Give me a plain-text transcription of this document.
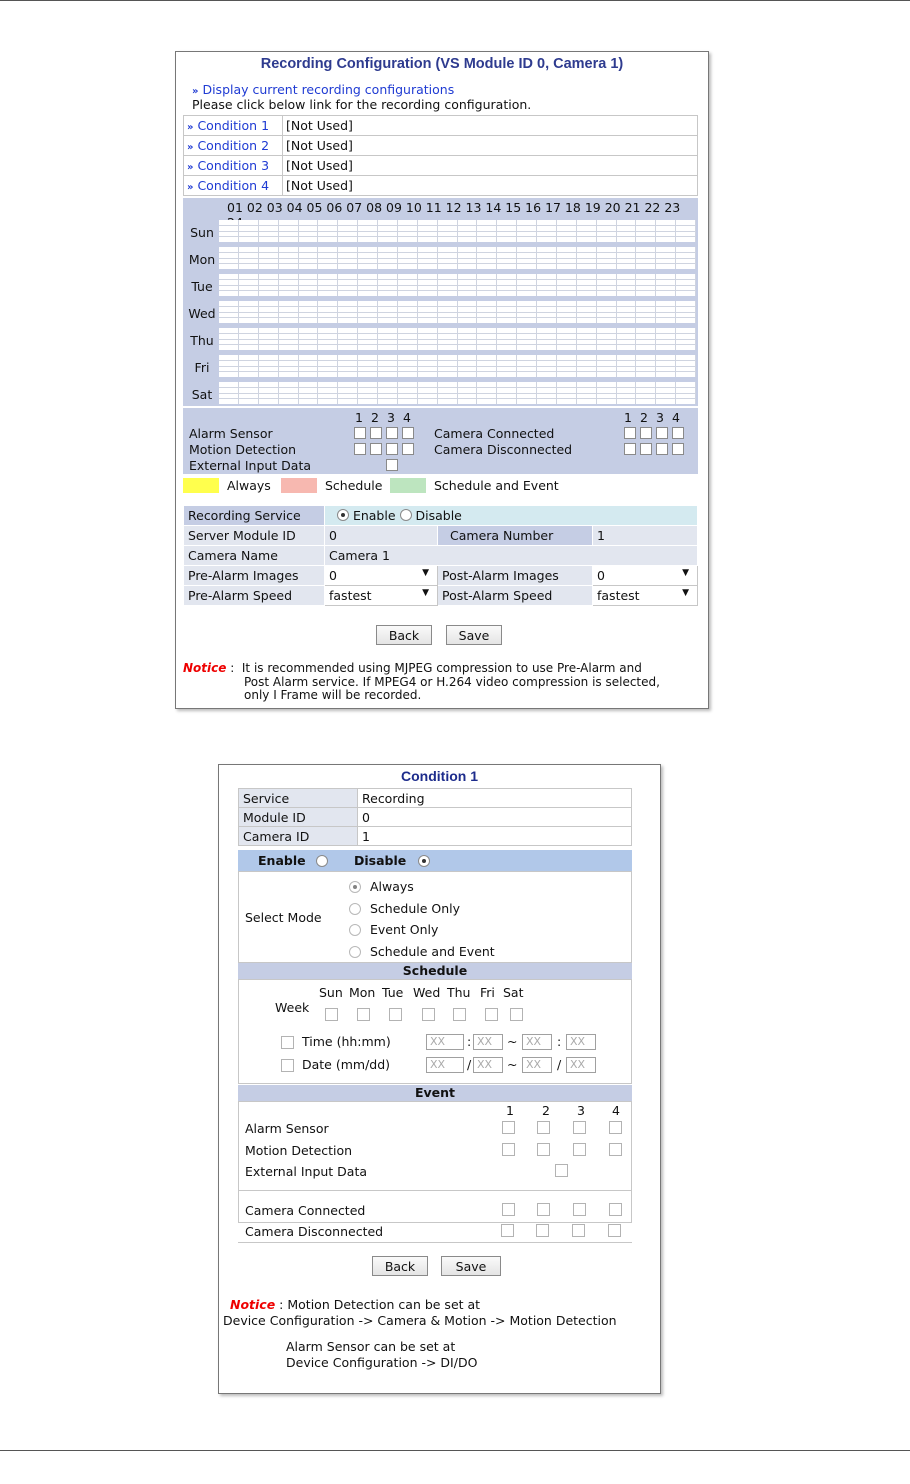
Recording Configuration (VS Module ID 0, Camera 1)
» Display current recording configurations
Please click below link for the recording configuration.
» Condition 1	[Not Used]
» Condition 2	[Not Used]
» Condition 3	[Not Used]
» Condition 4	[Not Used]
01 02 03 04 05 06 07 08 09 10 11 12 13 14 15 16 17 18 19 20 21 22 23
Sun
Mon
Tue
Wed
Thu
Fri
Sat
1 2 3 4	1 2 3 4
Alarm Sensor
Motion Detection
External Input Data
Camera Connected
Camera Disconnected
Always	Schedule	Schedule and Event
Recording Service	Enable Disable		
Server Module ID	0	Camera Number	1
Camera Name	Camera 1		
Pre-Alarm Images	0 ▼	Post-Alarm Images	0 ▼

Pre-Alarm Speed	fastest ▼	Post-Alarm Speed	fastest ▼
Back	Save
Notice : It is recommended using MJPEG compression to use Pre-Alarm and
Post Alarm service. If MPEG4 or H.264 video compression is selected,
only I Frame will be recorded.
Condition 1
Service	Recording
Module ID	0
Camera ID	1
Enable	Disable
Select Mode
Always
Schedule Only
Event Only
Schedule and Event
Schedule
Week
Sun Mon Tue Wed Thu Fri Sat
Time (hh:mm)	XX	: XX	~ XX	: XX
Date (mm/dd)	XX	/ XX	~ XX	/ XX
Event
1 2 3 4
Alarm Sensor
Motion Detection
External Input Data
Camera Connected
Camera Disconnected
Back	Save
Notice : Motion Detection can be set at
Device Configuration -> Camera & Motion -> Motion Detection
Alarm Sensor can be set at
Device Configuration -> DI/DO
